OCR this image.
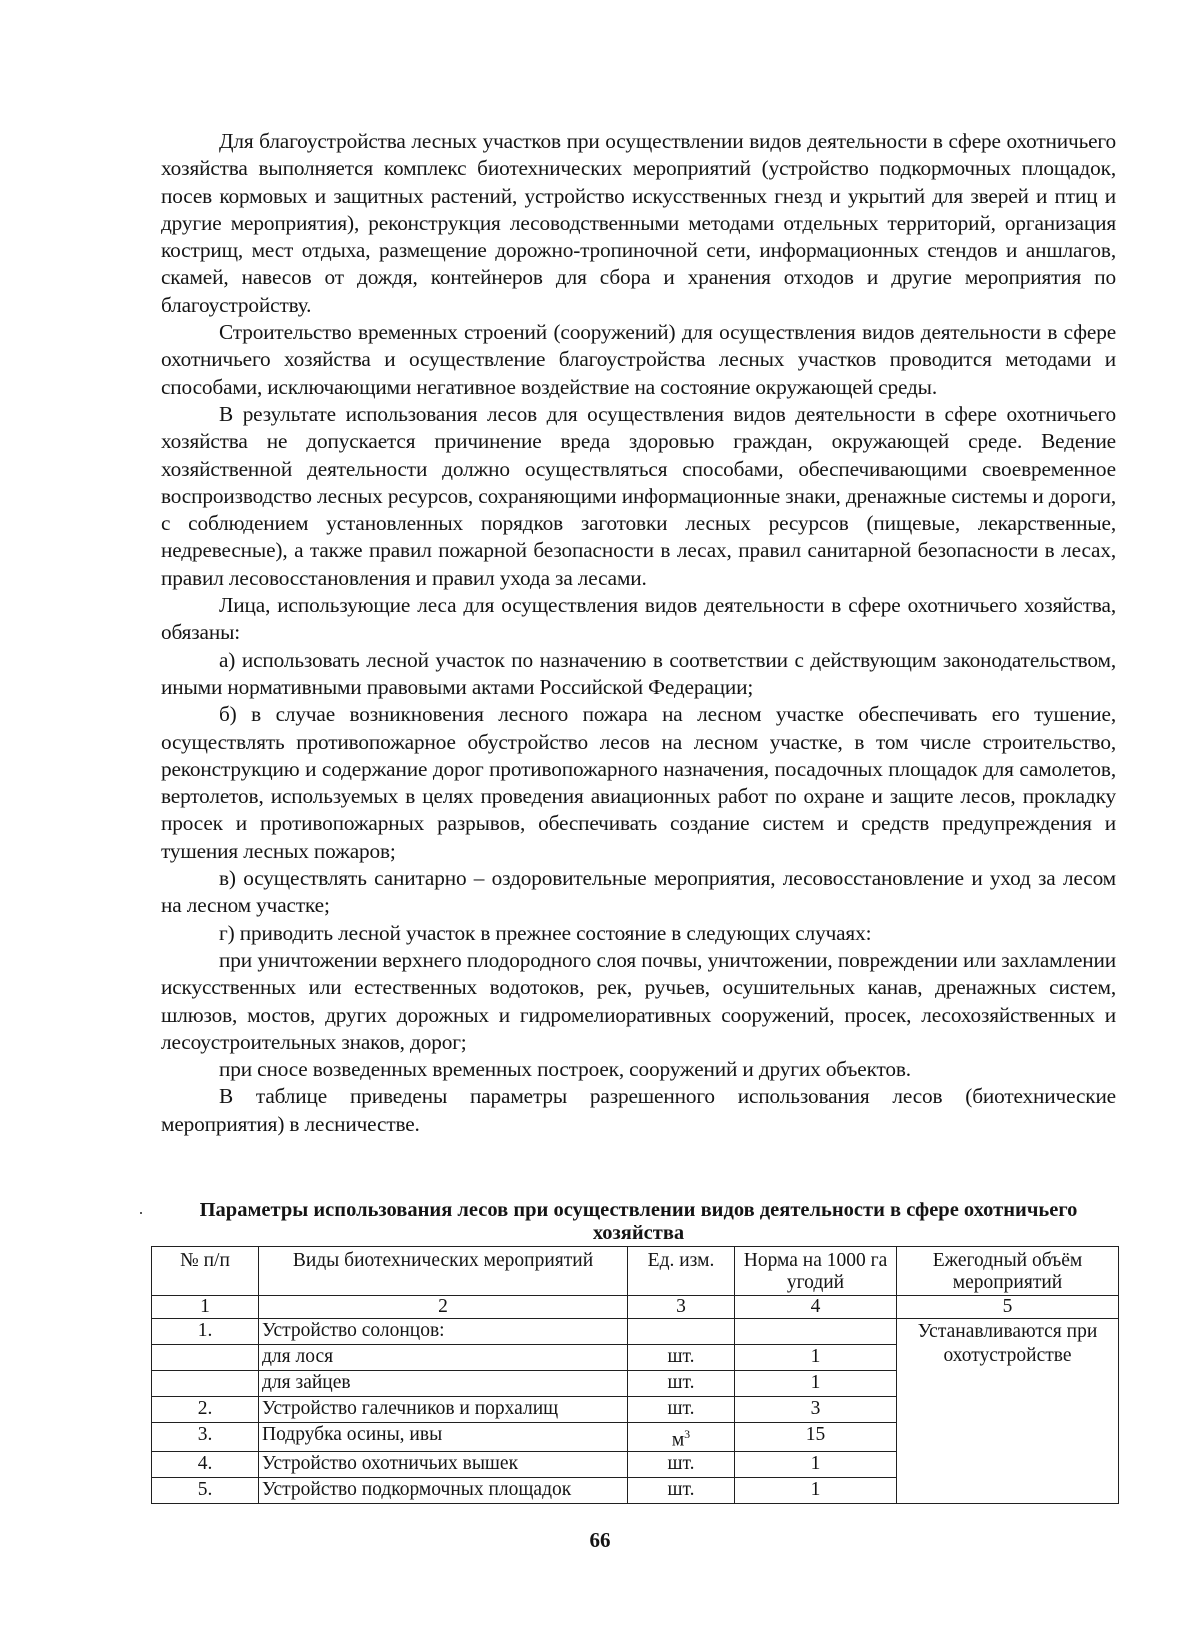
Для благоустройства лесных участков при осуществлении видов деятельности в сфере охотничьего хозяйства выполняется комплекс биотехнических мероприятий (устройство подкормочных площадок, посев кормовых и защитных растений, устройство искусственных гнезд и укрытий для зверей и птиц и другие мероприятия), реконструкция лесоводственными методами отдельных территорий, организация кострищ, мест отдыха, размещение дорожно-тропиночной сети, информационных стендов и аншлагов, скамей, навесов от дождя, контейнеров для сбора и хранения отходов и другие мероприятия по благоустройству.

Строительство временных строений (сооружений) для осуществления видов деятельности в сфере охотничьего хозяйства и осуществление благоустройства лесных участков проводится методами и способами, исключающими негативное воздействие на состояние окружающей среды.

В результате использования лесов для осуществления видов деятельности в сфере охотничьего хозяйства не допускается причинение вреда здоровью граждан, окружающей среде. Ведение хозяйственной деятельности должно осуществляться способами, обеспечивающими своевременное воспроизводство лесных ресурсов, сохраняющими информационные знаки, дренажные системы и дороги, с соблюдением установленных порядков заготовки лесных ресурсов (пищевые, лекарственные, недревесные), а также правил пожарной безопасности в лесах, правил санитарной безопасности в лесах, правил лесовосстановления и правил ухода за лесами.

Лица, использующие леса для осуществления видов деятельности в сфере охотничьего хозяйства, обязаны:

а) использовать лесной участок по назначению в соответствии с действующим законодательством, иными нормативными правовыми актами Российской Федерации;

б) в случае возникновения лесного пожара на лесном участке обеспечивать его тушение, осуществлять противопожарное обустройство лесов на лесном участке, в том числе строительство, реконструкцию и содержание дорог противопожарного назначения, посадочных площадок для самолетов, вертолетов, используемых в целях проведения авиационных работ по охране и защите лесов, прокладку просек и противопожарных разрывов, обеспечивать создание систем и средств предупреждения и тушения лесных пожаров;

в) осуществлять санитарно – оздоровительные мероприятия, лесовосстановление и уход за лесом на лесном участке;

г) приводить лесной участок в прежнее состояние в следующих случаях:

при уничтожении верхнего плодородного слоя почвы, уничтожении, повреждении или захламлении искусственных или естественных водотоков, рек, ручьев, осушительных канав, дренажных систем, шлюзов, мостов, других дорожных и гидромелиоративных сооружений, просек, лесохозяйственных и лесоустроительных знаков, дорог;

при сносе возведенных временных построек, сооружений и других объектов.

В таблице приведены параметры разрешенного использования лесов (биотехнические мероприятия) в лесничестве.

Параметры использования лесов при осуществлении видов деятельности в сфере охотничьего хозяйства
№ п/п	Виды биотехнических мероприятий	Ед. изм.	Норма на 1000 га угодий	Ежегодный объём мероприятий
1	2	3	4	5
1.	Устройство солонцов:			Устанавливаются при охотустройстве
	для лося	шт.	1	
	для зайцев	шт.	1	
2.	Устройство галечников и порхалищ	шт.	3	
3.	Подрубка осины, ивы	$м^3$	15	
4.	Устройство охотничьих вышек	шт.	1	
5.	Устройство подкормочных площадок	шт.	1	
66
